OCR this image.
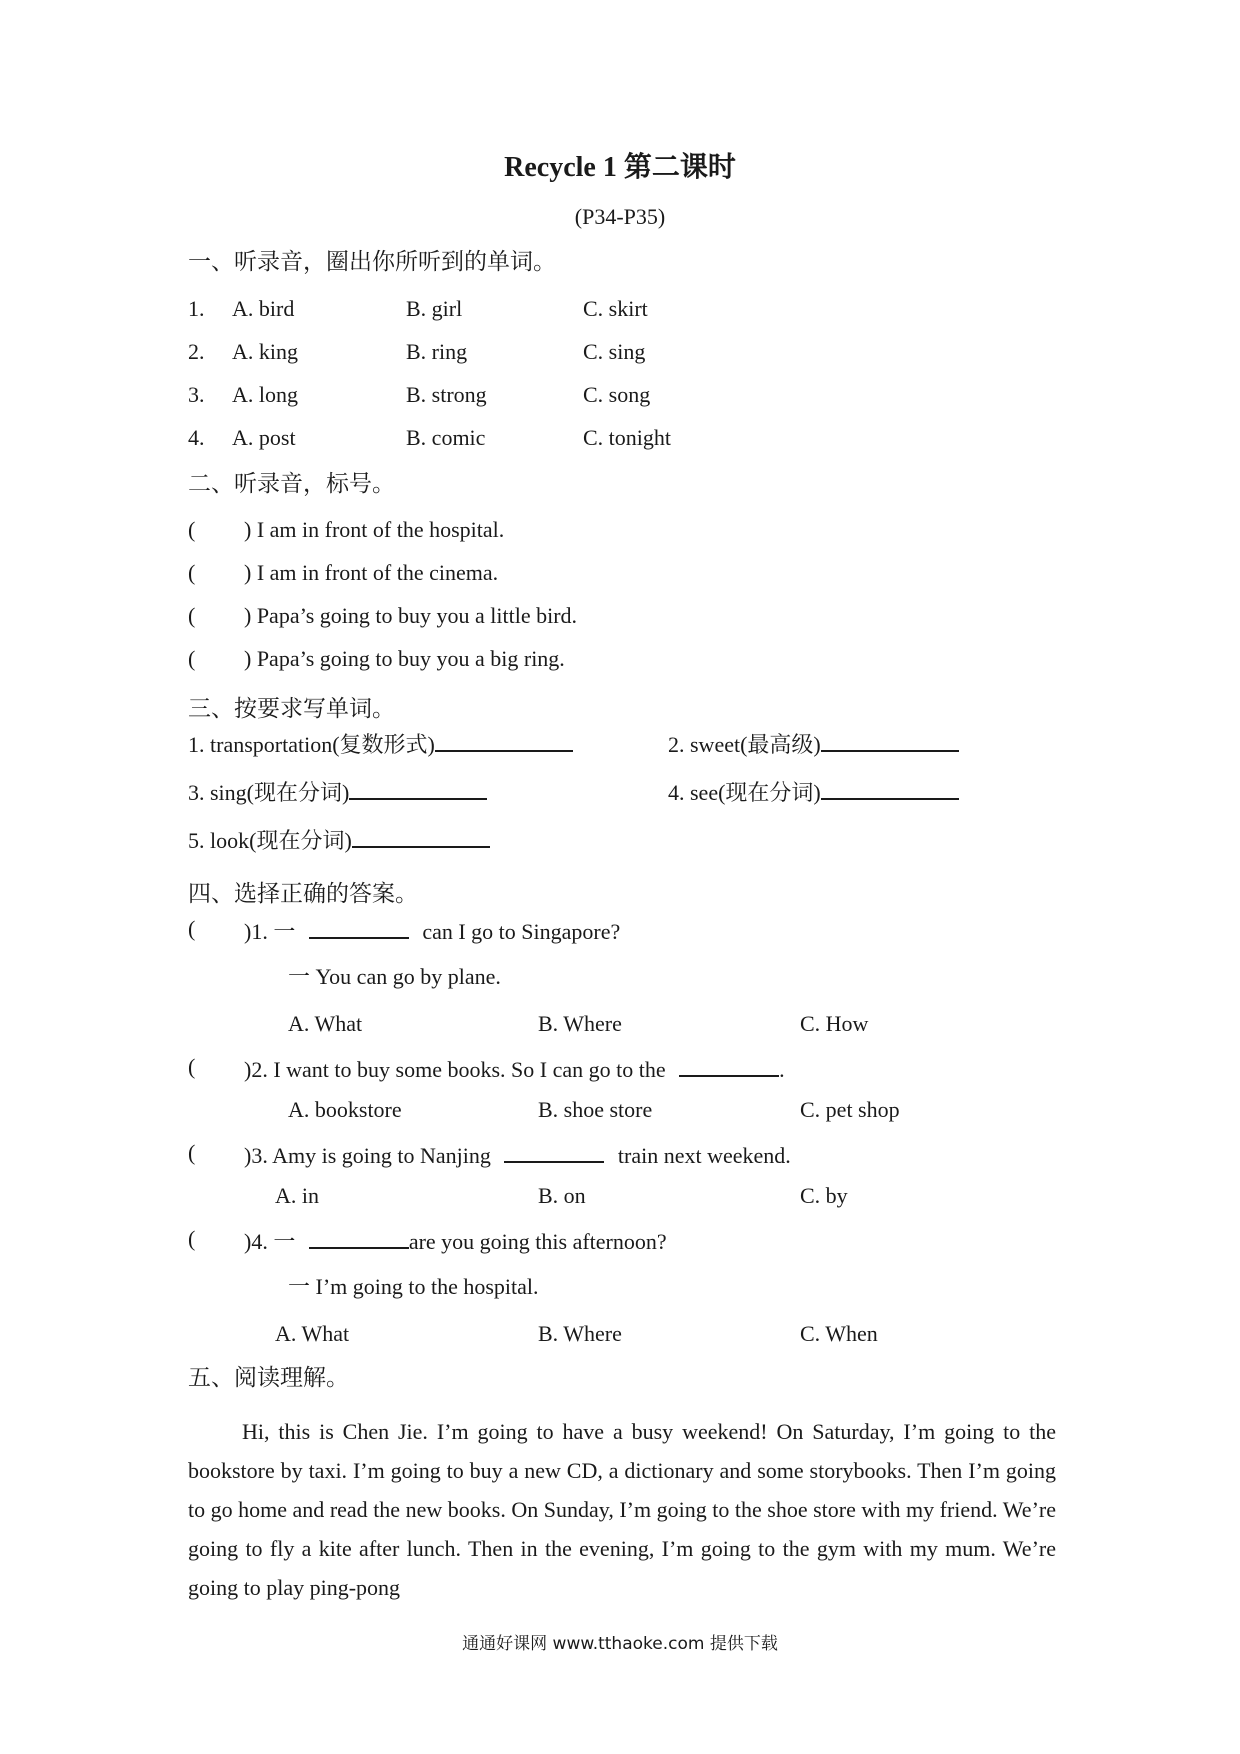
Recycle 1 第二课时
(P34-P35)
一、听录音，圈出你所听到的单词。
1. A. bird	B. girl	C. skirt
2. A. king	B. ring	C. sing
3. A. long	B. strong	C. song
4. A. post	B. comic	C. tonight
二、听录音，标号。
( ) I am in front of the hospital.
( ) I am in front of the cinema.
( ) Papa’s going to buy you a little bird.
( ) Papa’s going to buy you a big ring.
三、按要求写单词。
1. transportation(复数形式)	2. sweet(最高级)
3. sing(现在分词)	4. see(现在分词)
5. look(现在分词)
四、选择正确的答案。
( )1. 一	can I go to Singapore?
一 You can go by plane.
A. What	B. Where	C. How
( )2. I want to buy some books. So I can go to the	.
A. bookstore	B. shoe store	C. pet shop
( )3. Amy is going to Nanjing	train next weekend.
A. in	B. on	C. by
( )4. 一	are you going this afternoon?
一 I’m going to the hospital.
A. What	B. Where	C. When
五、阅读理解。
Hi, this is Chen Jie. I’m going to have a busy weekend! On Saturday, I’m going to the bookstore by taxi. I’m going to buy a new CD, a dictionary and some storybooks. Then I’m going to go home and read the new books. On Sunday, I’m going to the shoe store with my friend. We’re going to fly a kite after lunch. Then in the evening, I’m going to the gym with my mum. We’re going to play ping-pong
通通好课网 www.tthaoke.com 提供下载
